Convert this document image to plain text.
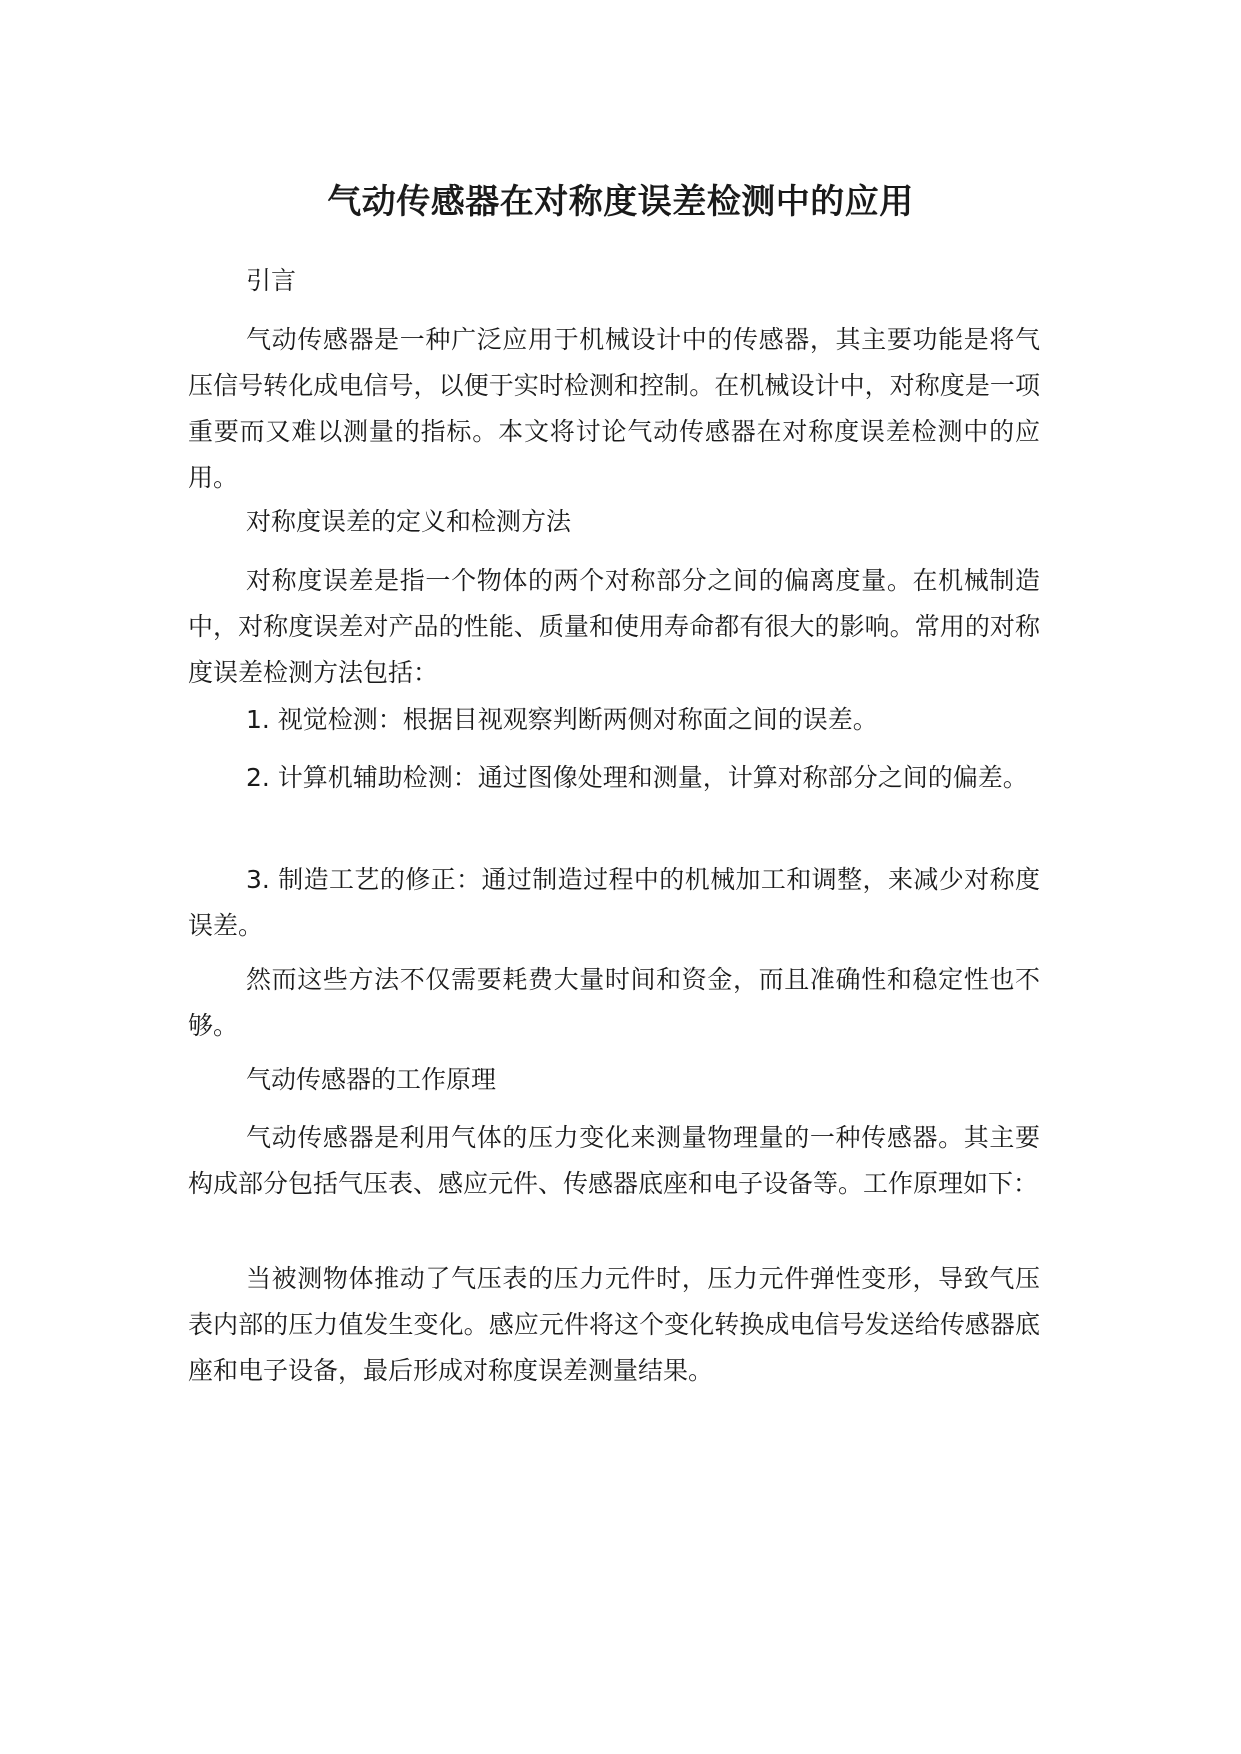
气动传感器在对称度误差检测中的应用

引言

气动传感器是一种广泛应用于机械设计中的传感器，其主要功能是将气压信号转化成电信号，以便于实时检测和控制。在机械设计中，对称度是一项重要而又难以测量的指标。本文将讨论气动传感器在对称度误差检测中的应用。

对称度误差的定义和检测方法

对称度误差是指一个物体的两个对称部分之间的偏离度量。在机械制造中，对称度误差对产品的性能、质量和使用寿命都有很大的影响。常用的对称度误差检测方法包括：

1. 视觉检测：根据目视观察判断两侧对称面之间的误差。

2. 计算机辅助检测：通过图像处理和测量，计算对称部分之间的偏差。

3. 制造工艺的修正：通过制造过程中的机械加工和调整，来减少对称度误差。

然而这些方法不仅需要耗费大量时间和资金，而且准确性和稳定性也不够。

气动传感器的工作原理

气动传感器是利用气体的压力变化来测量物理量的一种传感器。其主要构成部分包括气压表、感应元件、传感器底座和电子设备等。工作原理如下：

当被测物体推动了气压表的压力元件时，压力元件弹性变形，导致气压表内部的压力值发生变化。感应元件将这个变化转换成电信号发送给传感器底座和电子设备，最后形成对称度误差测量结果。
